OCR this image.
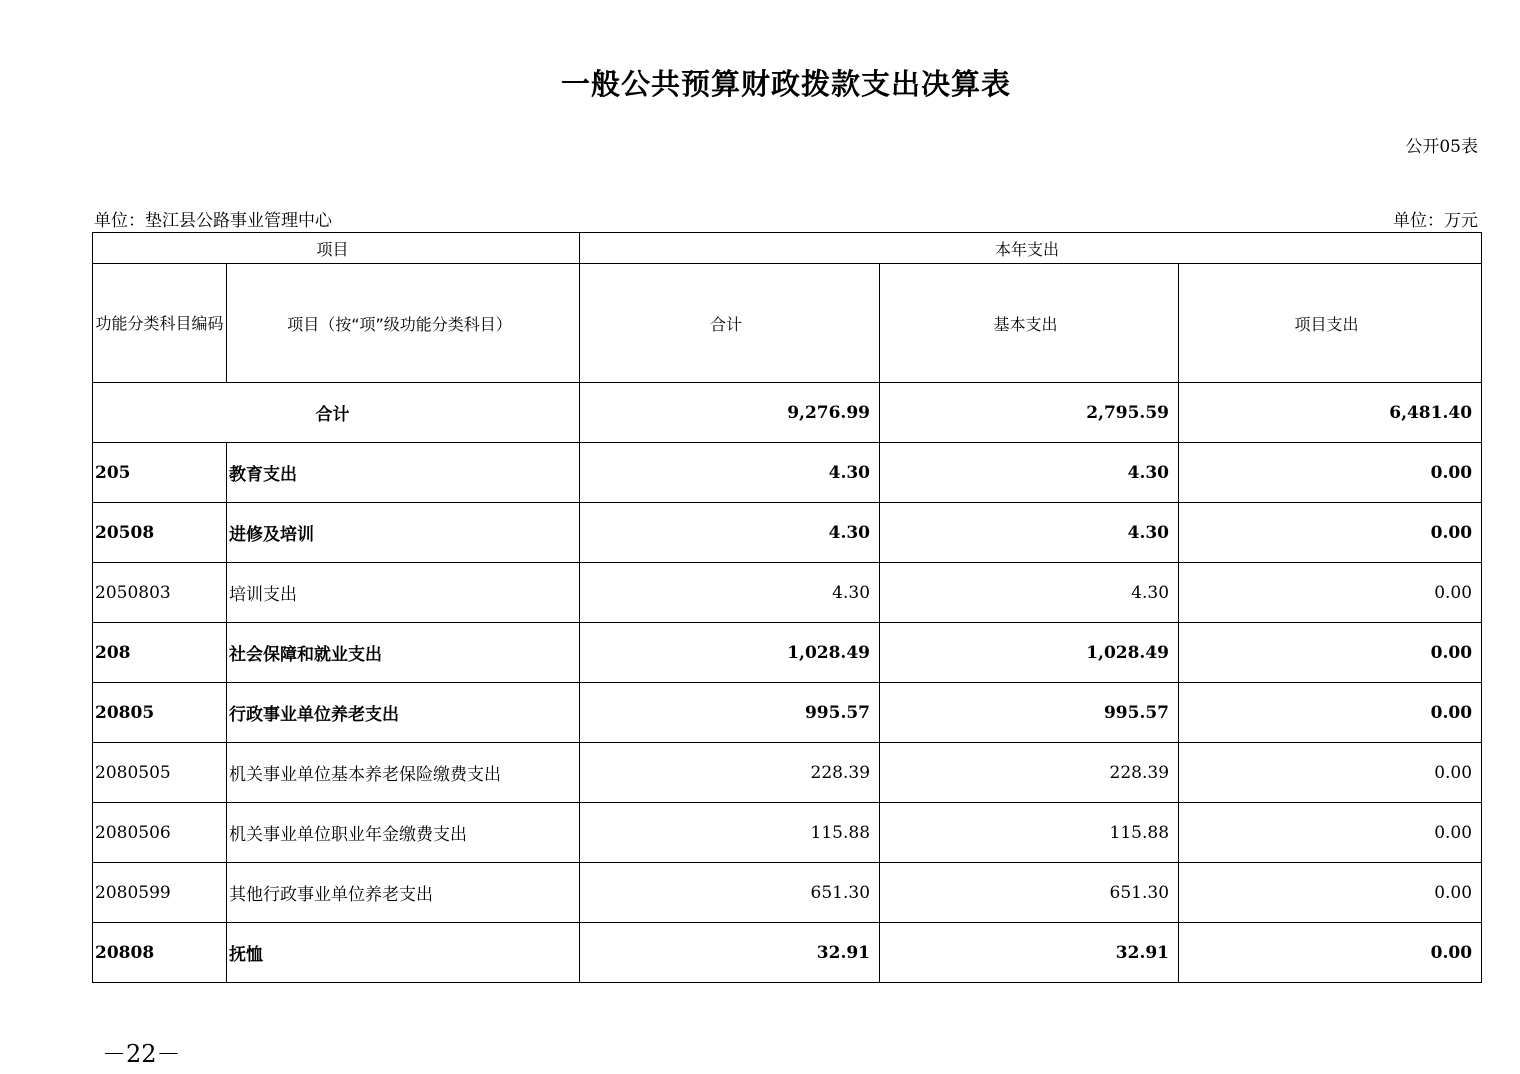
一般公共预算财政拨款支出决算表
公开05表
单位：垫江县公路事业管理中心	单位：万元
项目		本年支出		
功能分类科目编码	项目（按“项”级功能分类科目）	合计	基本支出	项目支出
合计		9,276.99	2,795.59	6,481.40
205	教育支出	4.30	4.30	0.00
20508	进修及培训	4.30	4.30	0.00
2050803	培训支出	4.30	4.30	0.00
208	社会保障和就业支出	1,028.49	1,028.49	0.00
20805	行政事业单位养老支出	995.57	995.57	0.00
2080505	机关事业单位基本养老保险缴费支出	228.39	228.39	0.00
2080506	机关事业单位职业年金缴费支出	115.88	115.88	0.00
2080599	其他行政事业单位养老支出	651.30	651.30	0.00
20808	抚恤	32.91	32.91	0.00
－22－
